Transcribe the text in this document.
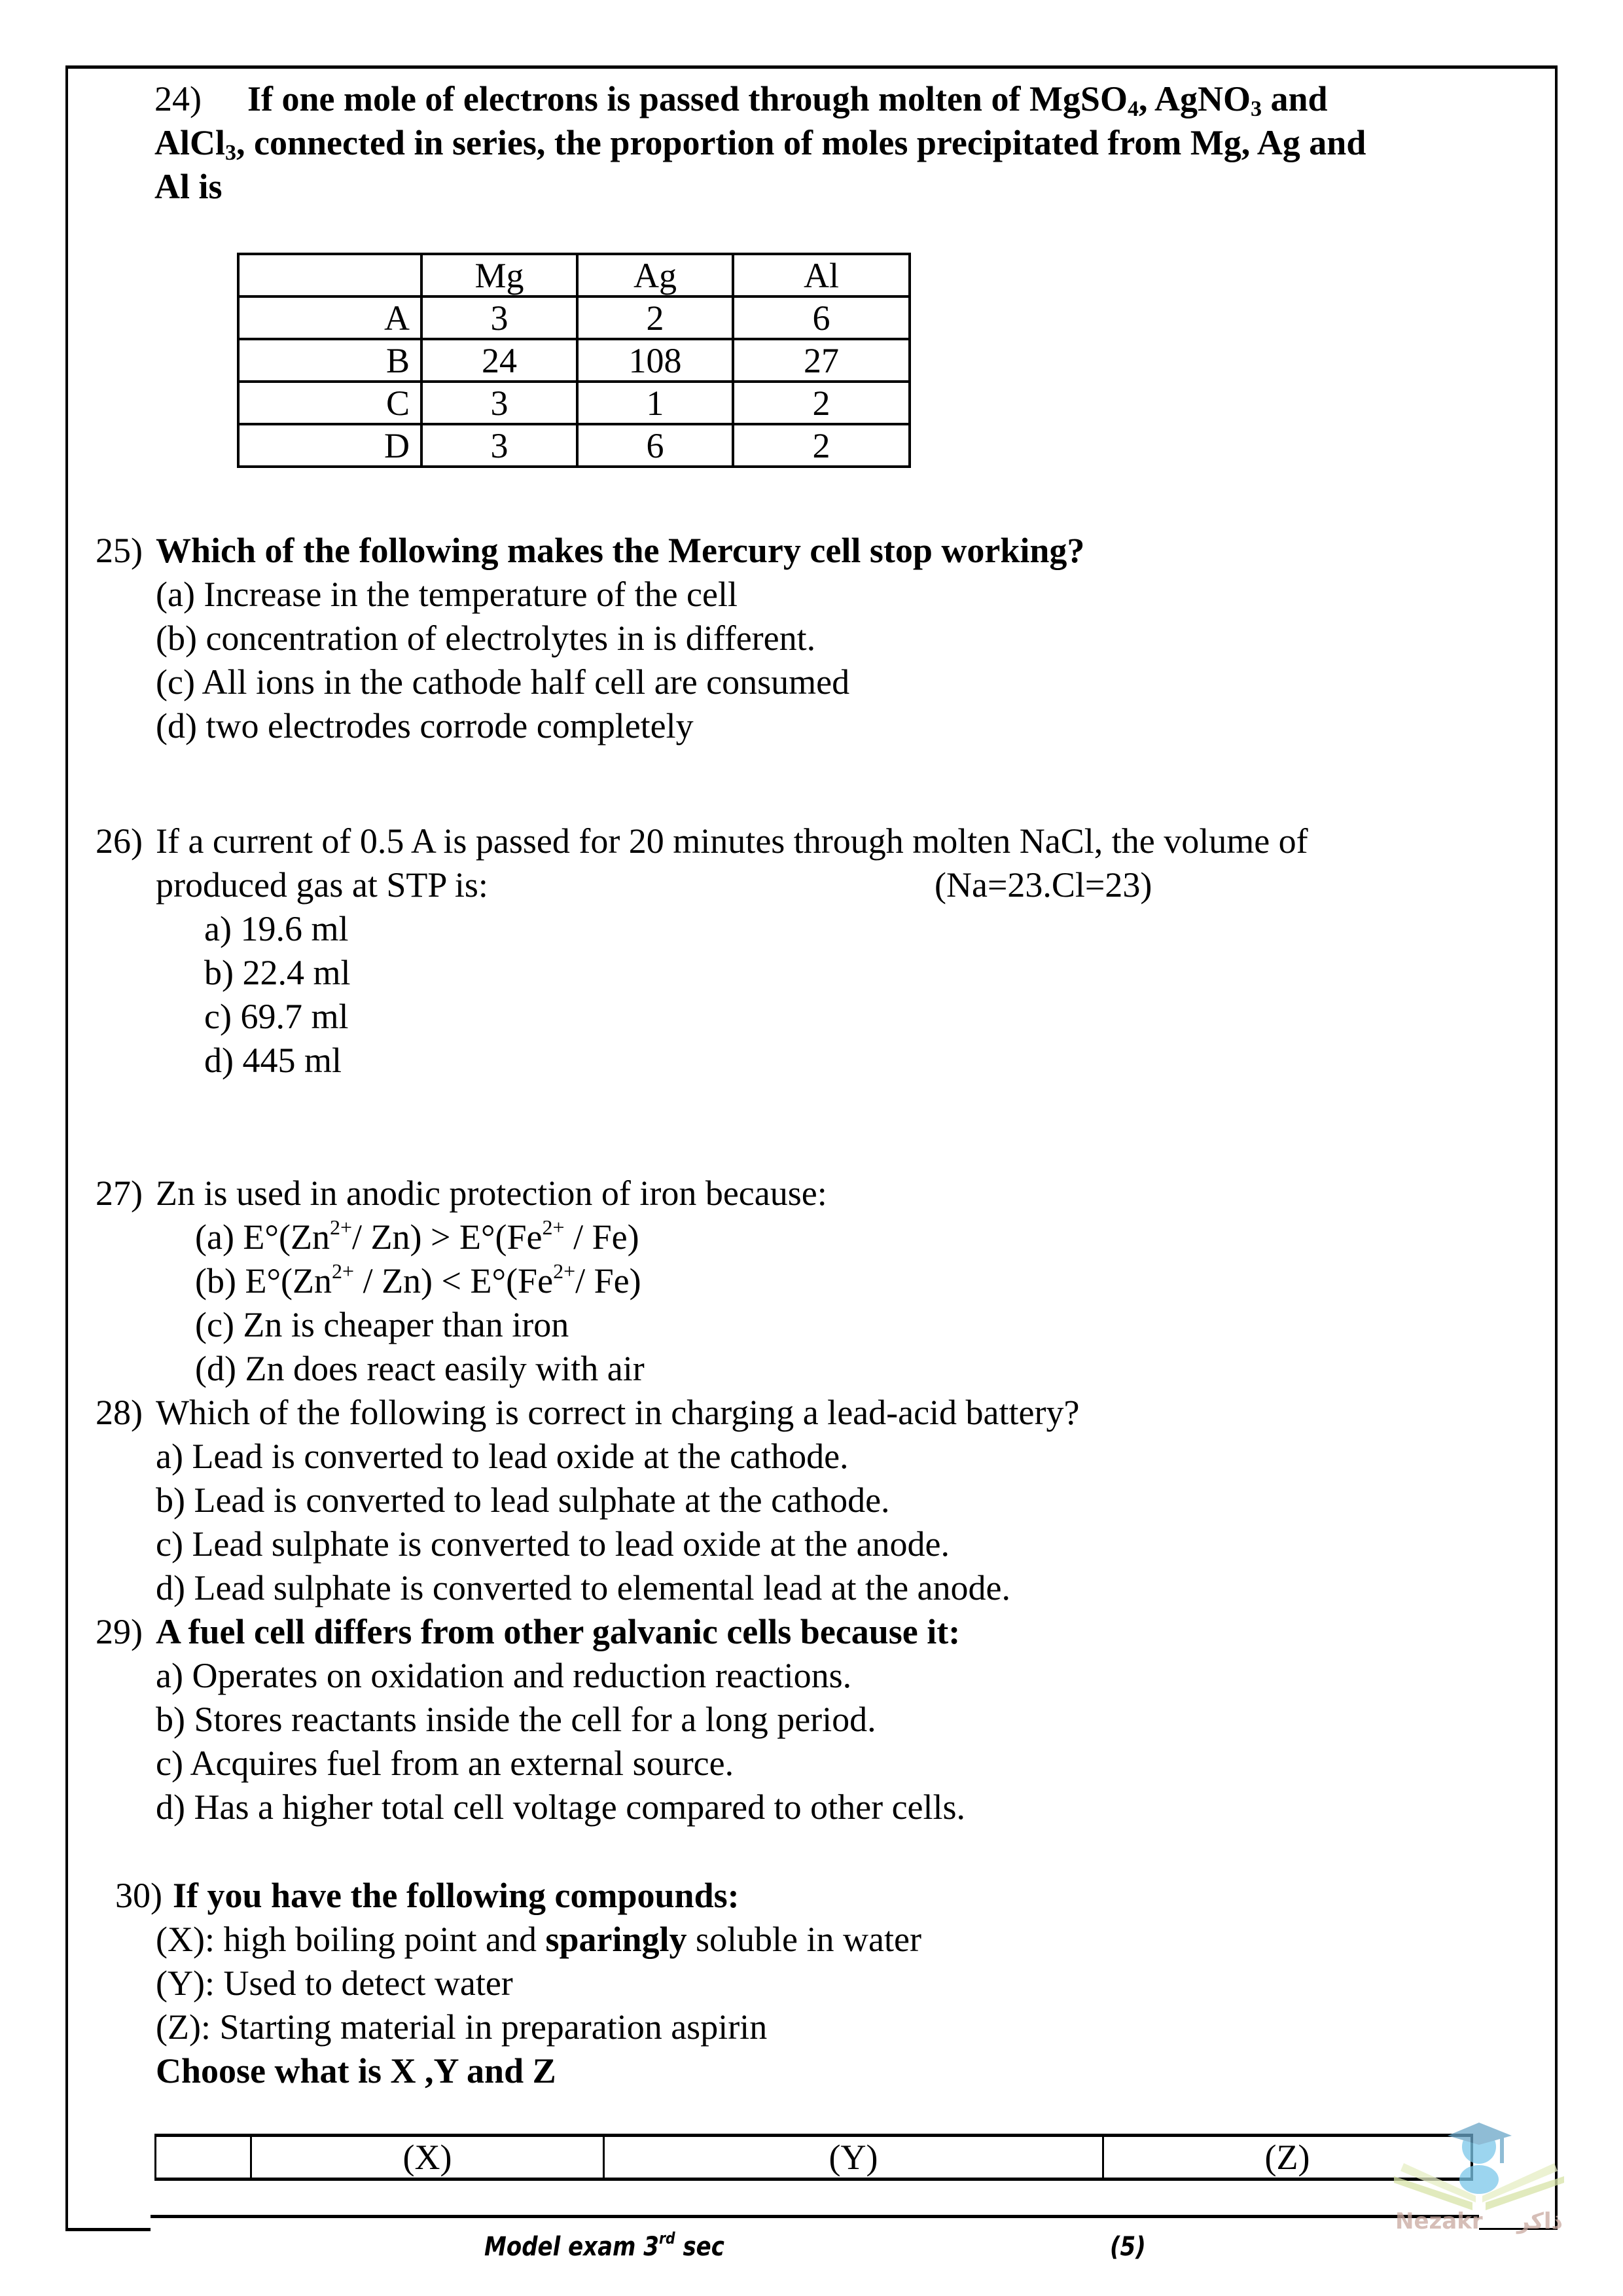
24) If one mole of electrons is passed through molten of MgSO$_4$, AgNO$_3$ and
AlCl$_3$, connected in series, the proportion of moles precipitated from Mg, Ag and
Al is
	Mg	Ag	Al
A	3	2	6
B	24	108	27
C	3	1	2
D	3	6	2
25) Which of the following makes the Mercury cell stop working?
(a) Increase in the temperature of the cell
(b) concentration of electrolytes in is different.
(c) All ions in the cathode half cell are consumed
(d) two electrodes corrode completely
26) If a current of 0.5 A is passed for 20 minutes through molten NaCl, the volume of
produced gas at STP is:	(Na=23.Cl=23)
a) 19.6 ml
b) 22.4 ml
c) 69.7 ml
d) 445 ml
27) Zn is used in anodic protection of iron because:
(a) $E^\circ(Zn^{2+}/$ $Zn) > E^\circ(Fe^{2+} / Fe)$
(b) $E^\circ(Zn^{2+} / Zn) < E^\circ(Fe^{2+}/$ Fe)
(c) Zn is cheaper than iron
(d) Zn does react easily with air
28) Which of the following is correct in charging a lead-acid battery?
a) Lead is converted to lead oxide at the cathode.
b) Lead is converted to lead sulphate at the cathode.
c) Lead sulphate is converted to lead oxide at the anode.
d) Lead sulphate is converted to elemental lead at the anode.
29) A fuel cell differs from other galvanic cells because it:
a) Operates on oxidation and reduction reactions.
b) Stores reactants inside the cell for a long period.
c) Acquires fuel from an external source.
d) Has a higher total cell voltage compared to other cells.
30) If you have the following compounds:
(X): high boiling point and sparingly soluble in water
(Y): Used to detect water
(Z): Starting material in preparation aspirin
Choose what is X ,Y and Z
	(X)	(Y)	(Z)
Model exam 3rd sec	(5)
Nezakr ذاكر
